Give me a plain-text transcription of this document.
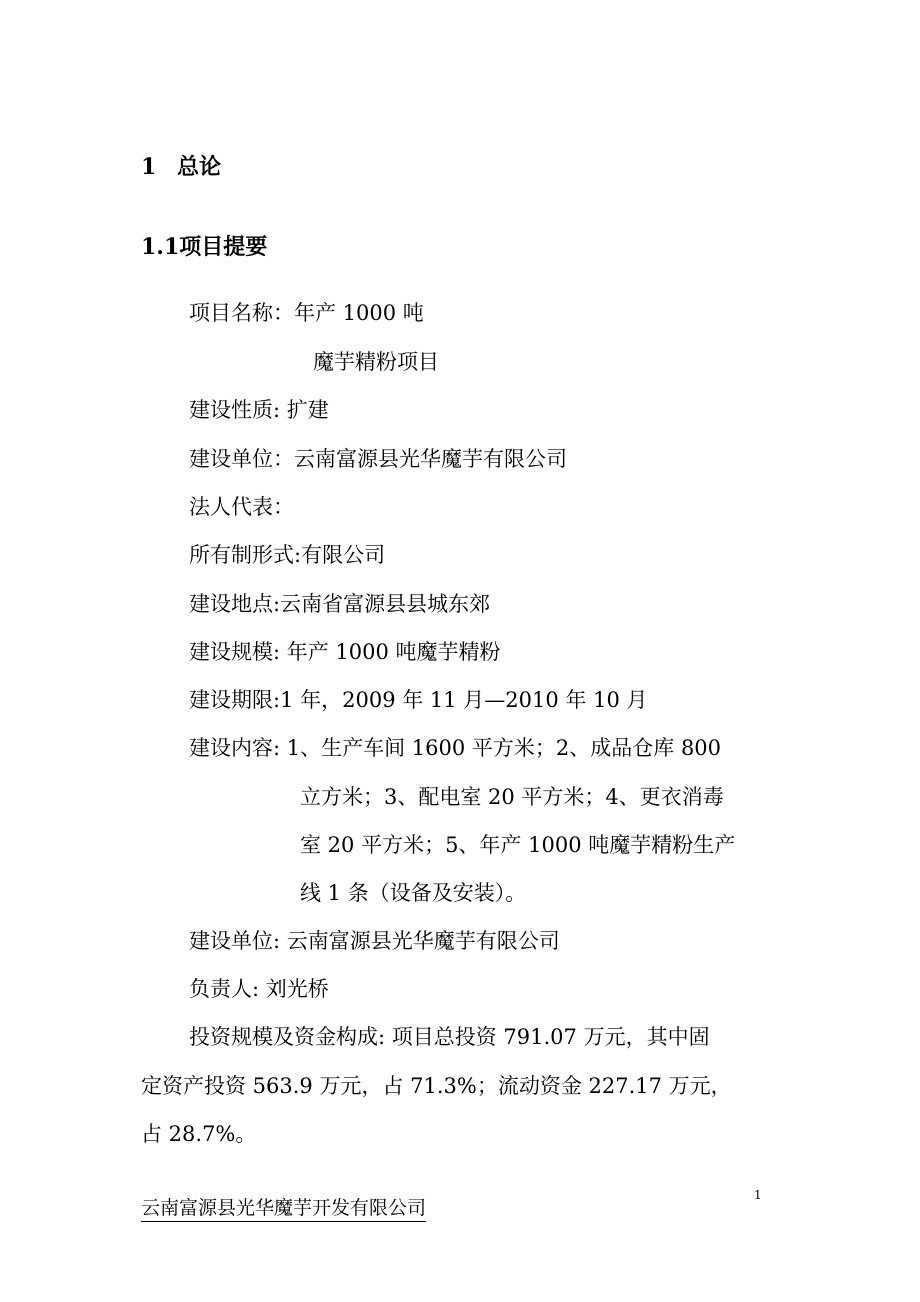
1 总论
1.1项目提要
项目名称：年产 1000 吨
魔芋精粉项目
建设性质: 扩建
建设单位：云南富源县光华魔芋有限公司
法人代表：
所有制形式:有限公司
建设地点:云南省富源县县城东郊
建设规模: 年产 1000 吨魔芋精粉
建设期限:1 年，2009 年 11 月—2010 年 10 月
建设内容: 1、生产车间 1600 平方米；2、成品仓库 800
立方米；3、配电室 20 平方米；4、更衣消毒
室 20 平方米；5、年产 1000 吨魔芋精粉生产
线 1 条（设备及安装）。
建设单位: 云南富源县光华魔芋有限公司
负责人: 刘光桥
投资规模及资金构成: 项目总投资 791.07 万元，其中固
定资产投资 563.9 万元，占 71.3%；流动资金 227.17 万元，
占 28.7%。
1
云南富源县光华魔芋开发有限公司
